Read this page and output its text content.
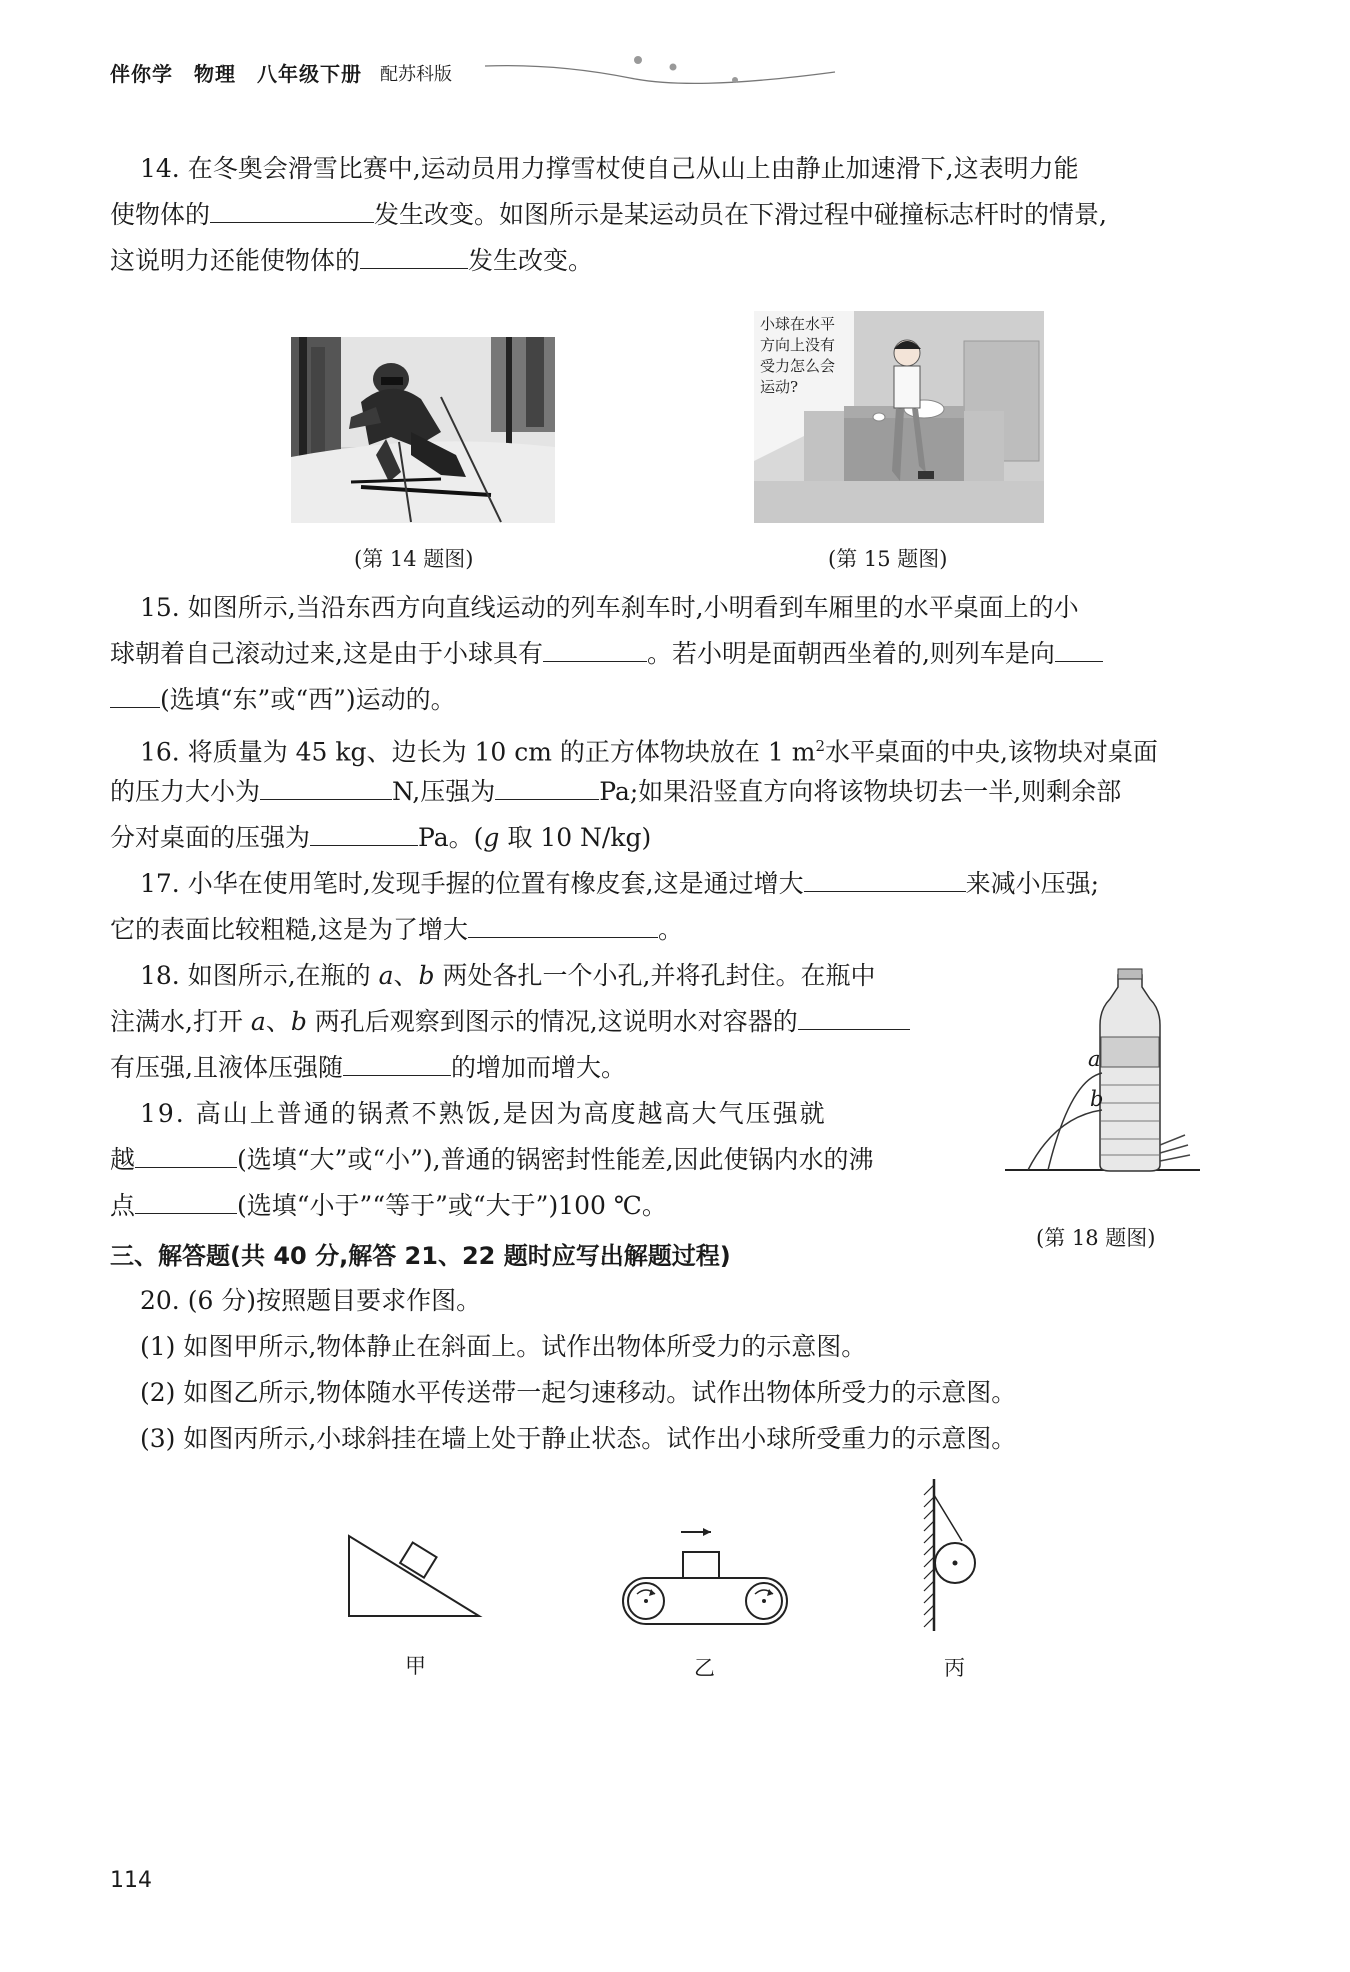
伴你学　物理　八年级下册 配苏科版
14. 在冬奥会滑雪比赛中,运动员用力撑雪杖使自己从山上由静止加速滑下,这表明力能
使物体的	发生改变。如图所示是某运动员在下滑过程中碰撞标志杆时的情景,
这说明力还能使物体的	发生改变。
(第 14 题图)
小球在水平
方向上没有
受力怎么会
运动?
(第 15 题图)
15. 如图所示,当沿东西方向直线运动的列车刹车时,小明看到车厢里的水平桌面上的小
球朝着自己滚动过来,这是由于小球具有	。若小明是面朝西坐着的,则列车是向
(选填“东”或“西”)运动的。
16. 将质量为 45 kg、边长为 10 cm 的正方体物块放在 1 $m^2$水平桌面的中央,该物块对桌面
的压力大小为	N,压强为	Pa;如果沿竖直方向将该物块切去一半,则剩余部
分对桌面的压强为	Pa。(g 取 10 N/kg)
17. 小华在使用笔时,发现手握的位置有橡皮套,这是通过增大	来减小压强;
它的表面比较粗糙,这是为了增大	。
18. 如图所示,在瓶的 a、b 两处各扎一个小孔,并将孔封住。在瓶中
注满水,打开 a、b 两孔后观察到图示的情况,这说明水对容器的
有压强,且液体压强随	的增加而增大。	a
b
(第 18 题图)
19. 高山上普通的锅煮不熟饭,是因为高度越高大气压强就
越	(选填“大”或“小”),普通的锅密封性能差,因此使锅内水的沸
点	(选填“小于”“等于”或“大于”)100 ℃。
三、解答题(共 40 分,解答 21、22 题时应写出解题过程)
20. (6 分)按照题目要求作图。
(1) 如图甲所示,物体静止在斜面上。试作出物体所受力的示意图。
(2) 如图乙所示,物体随水平传送带一起匀速移动。试作出物体所受力的示意图。
(3) 如图丙所示,小球斜挂在墙上处于静止状态。试作出小球所受重力的示意图。
甲	乙	丙
114
